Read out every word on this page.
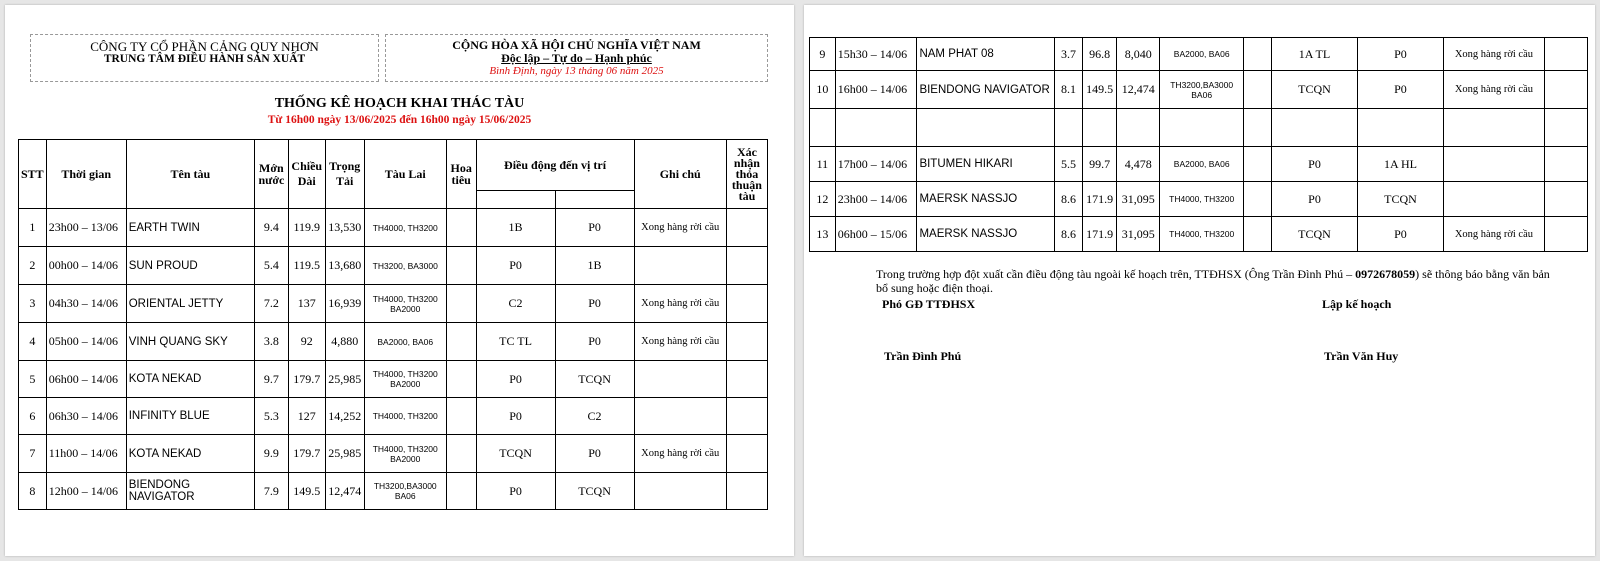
CÔNG TY CỔ PHẦN CẢNG QUY NHƠN
TRUNG TÂM ĐIỀU HÀNH SẢN XUẤT
CỘNG HÒA XÃ HỘI CHỦ NGHĨA VIỆT NAM
Độc lập – Tự do – Hạnh phúc
Bình Định, ngày 13 tháng 06 năm 2025
THỐNG KÊ HOẠCH KHAI THÁC TÀU
Từ 16h00 ngày 13/06/2025 đến 16h00 ngày 15/06/2025
STT	Thời gian	Tên tàu	Mớn nước	Chiều Dài	Trọng Tải	Tàu Lai	Hoa tiêu	Điều động đến vị trí		Ghi chú	Xác nhận thỏa thuận tàu

1	23h00 – 13/06	EARTH TWIN	9.4	119.9	13,530	TH4000, TH3200		1B	P0	Xong hàng rời cầu	
2	00h00 – 14/06	SUN PROUD	5.4	119.5	13,680	TH3200, BA3000		P0	1B		
3	04h30 – 14/06	ORIENTAL JETTY	7.2	137	16,939	TH4000, TH3200 BA2000		C2	P0	Xong hàng rời cầu	
4	05h00 – 14/06	VINH QUANG SKY	3.8	92	4,880	BA2000, BA06		TC TL	P0	Xong hàng rời cầu	
5	06h00 – 14/06	KOTA NEKAD	9.7	179.7	25,985	TH4000, TH3200 BA2000		P0	TCQN		
6	06h30 – 14/06	INFINITY BLUE	5.3	127	14,252	TH4000, TH3200		P0	C2		
7	11h00 – 14/06	KOTA NEKAD	9.9	179.7	25,985	TH4000, TH3200 BA2000		TCQN	P0	Xong hàng rời cầu	
8	12h00 – 14/06	BIENDONG NAVIGATOR	7.9	149.5	12,474	TH3200,BA3000 BA06		P0	TCQN		
9	15h30 – 14/06	NAM PHAT 08	3.7	96.8	8,040	BA2000, BA06		1A TL	P0	Xong hàng rời cầu	
10	16h00 – 14/06	BIENDONG NAVIGATOR	8.1	149.5	12,474	TH3200,BA3000 BA06		TCQN	P0	Xong hàng rời cầu	

11	17h00 – 14/06	BITUMEN HIKARI	5.5	99.7	4,478	BA2000, BA06		P0	1A HL		
12	23h00 – 14/06	MAERSK NASSJO	8.6	171.9	31,095	TH4000, TH3200		P0	TCQN		
13	06h00 – 15/06	MAERSK NASSJO	8.6	171.9	31,095	TH4000, TH3200		TCQN	P0	Xong hàng rời cầu	
Trong trường hợp đột xuất cần điều động tàu ngoài kế hoạch trên, TTĐHSX (Ông Trần Đình Phú – 0972678059) sẽ thông báo bằng văn bản bổ sung hoặc điện thoại.
Phó GĐ TTĐHSX	Lập kế hoạch
Trần Đình Phú	Trần Văn Huy
